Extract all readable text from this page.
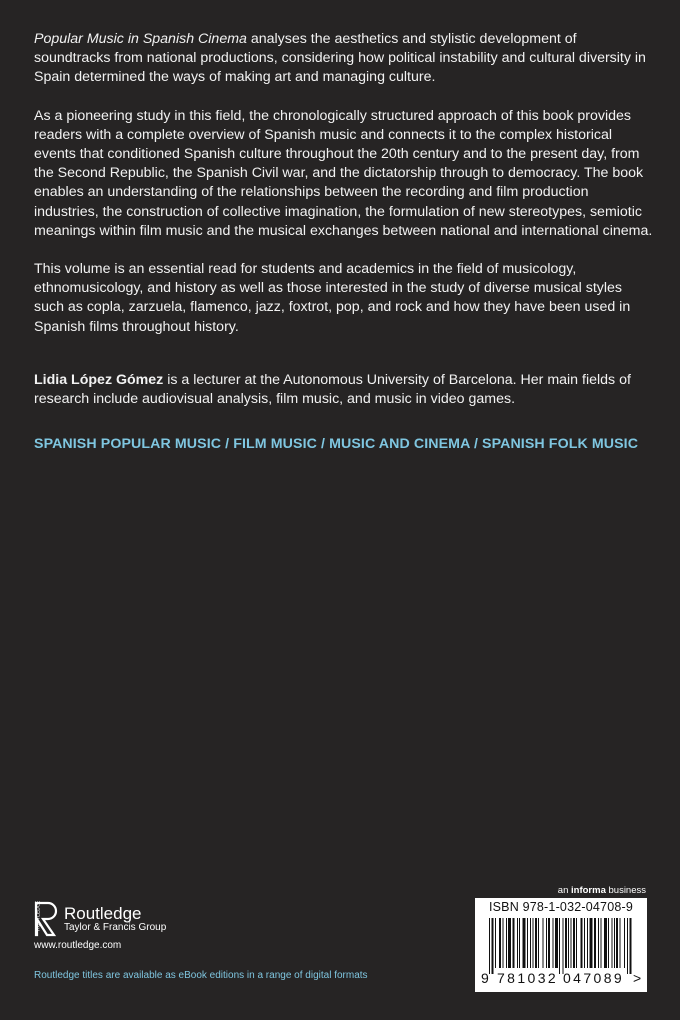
Popular Music in Spanish Cinema analyses the aesthetics and stylistic development of soundtracks from national productions, considering how political instability and cultural diversity in Spain determined the ways of making art and managing culture.

As a pioneering study in this field, the chronologically structured approach of this book provides readers with a complete overview of Spanish music and connects it to the complex historical events that conditioned Spanish culture throughout the 20th century and to the present day, from the Second Republic, the Spanish Civil war, and the dictatorship through to democracy. The book enables an understanding of the relationships between the recording and film production industries, the construction of collective imagination, the formulation of new stereotypes, semiotic meanings within film music and the musical exchanges between national and international cinema.

This volume is an essential read for students and academics in the field of musicology, ethnomusicology, and history as well as those interested in the study of diverse musical styles such as copla, zarzuela, flamenco, jazz, foxtrot, pop, and rock and how they have been used in Spanish films throughout history.

Lidia López Gómez is a lecturer at the Autonomous University of Barcelona. Her main fields of research include audiovisual analysis, film music, and music in video games.

SPANISH POPULAR MUSIC / FILM MUSIC / MUSIC AND CINEMA / SPANISH FOLK MUSIC
ROUTLEDGE Routledge
Taylor & Francis Group
www.routledge.com
Routledge titles are available as eBook editions in a range of digital formats
an informa business
ISBN 978-1-032-04708-9
9 781032 047089 >
